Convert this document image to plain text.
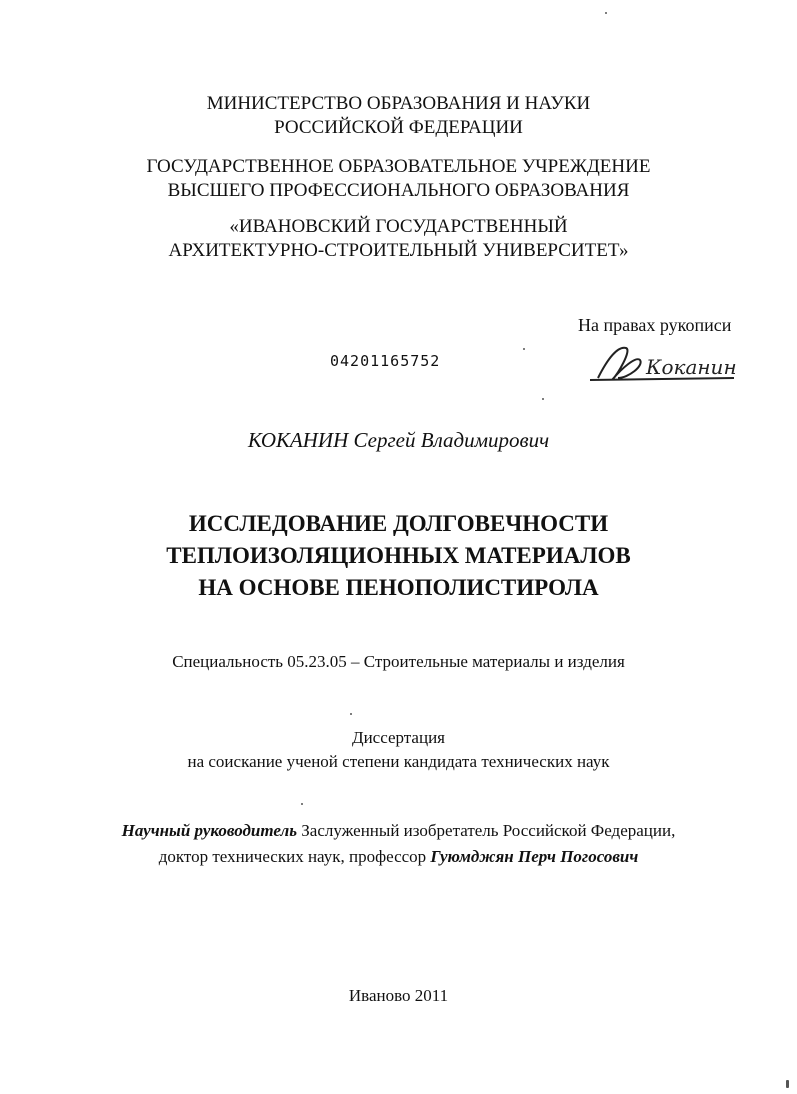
МИНИСТЕРСТВО ОБРАЗОВАНИЯ И НАУКИ
РОССИЙСКОЙ ФЕДЕРАЦИИ
ГОСУДАРСТВЕННОЕ ОБРАЗОВАТЕЛЬНОЕ УЧРЕЖДЕНИЕ
ВЫСШЕГО ПРОФЕССИОНАЛЬНОГО ОБРАЗОВАНИЯ
«ИВАНОВСКИЙ ГОСУДАРСТВЕННЫЙ
АРХИТЕКТУРНО-СТРОИТЕЛЬНЫЙ УНИВЕРСИТЕТ»
На правах рукописи
04201165752	Коканин
КОКАНИН Сергей Владимирович
ИССЛЕДОВАНИЕ ДОЛГОВЕЧНОСТИ
ТЕПЛОИЗОЛЯЦИОННЫХ МАТЕРИАЛОВ
НА ОСНОВЕ ПЕНОПОЛИСТИРОЛА
Специальность 05.23.05 – Строительные материалы и изделия
Диссертация
на соискание ученой степени кандидата технических наук
Научный руководитель Заслуженный изобретатель Российской Федерации,
доктор технических наук, профессор Гуюмджян Перч Погосович
Иваново 2011
